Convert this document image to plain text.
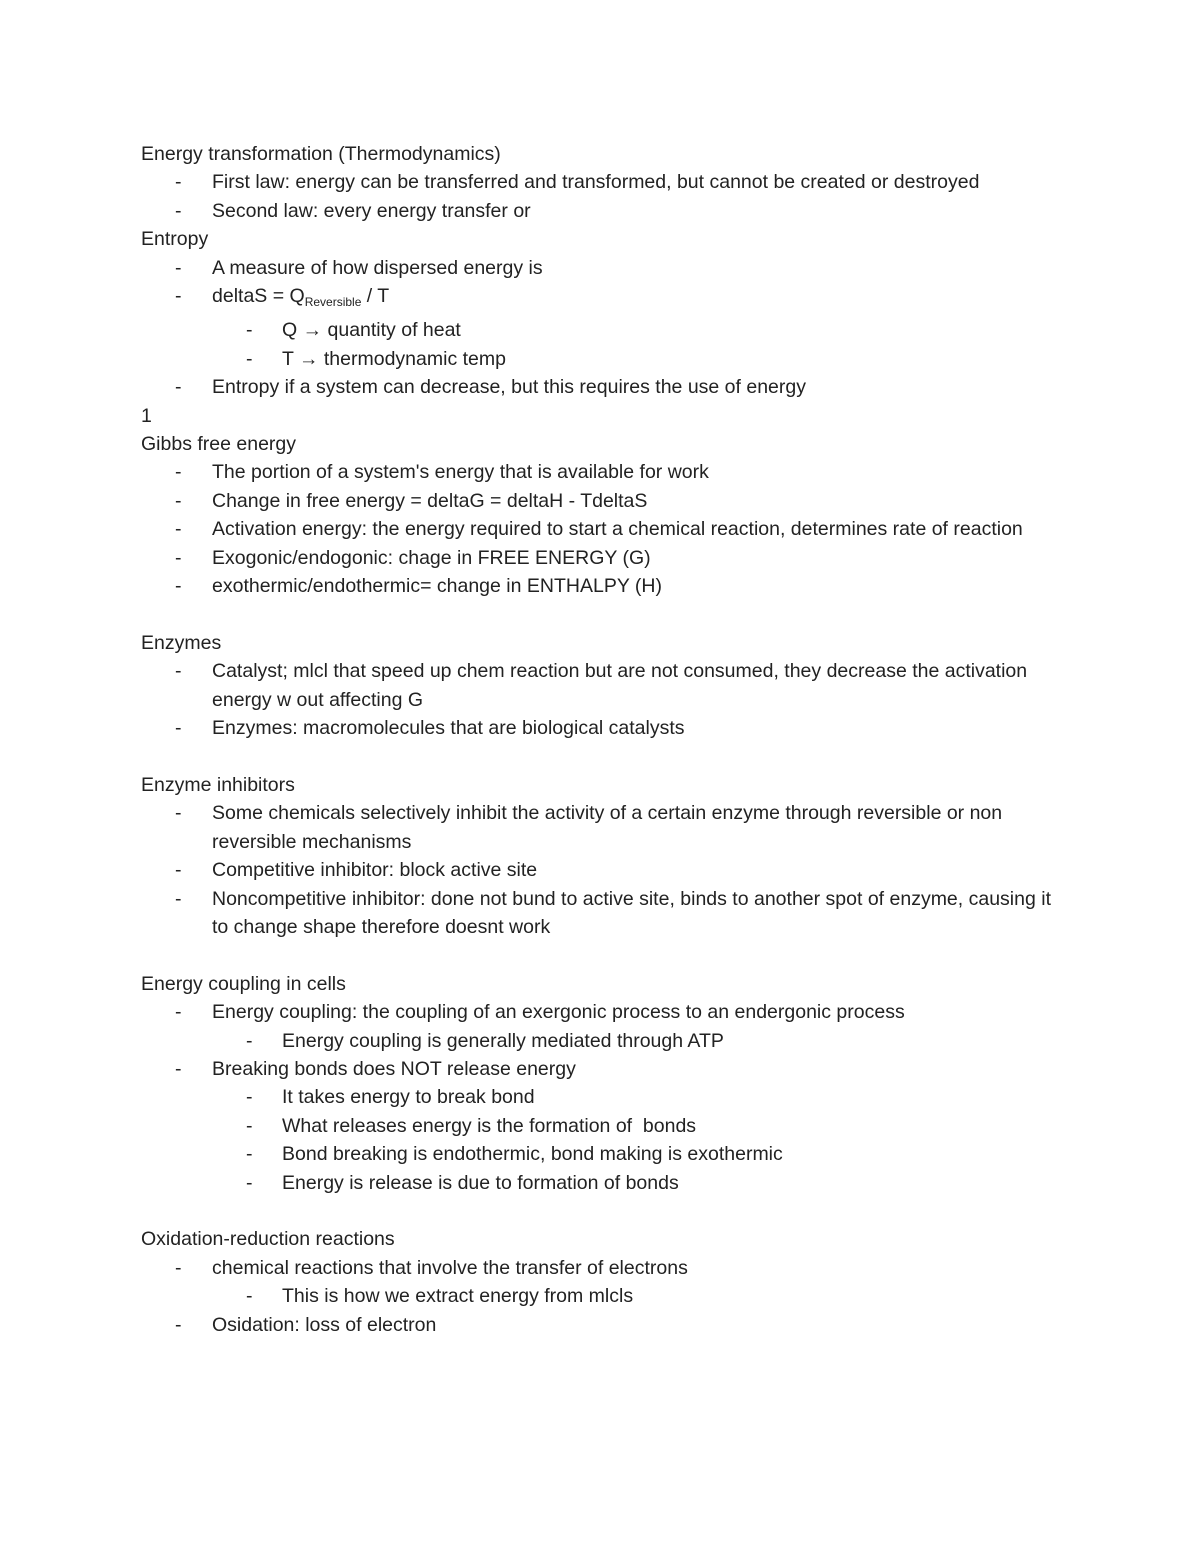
Energy transformation (Thermodynamics)
- First law: energy can be transferred and transformed, but cannot be created or destroyed
- Second law: every energy transfer or
Entropy
- A measure of how dispersed energy is
- deltaS = $Q_{Reversible}$ / T
- Q → quantity of heat
- T → thermodynamic temp
- Entropy if a system can decrease, but this requires the use of energy
1
Gibbs free energy
- The portion of a system's energy that is available for work
- Change in free energy = deltaG = deltaH - TdeltaS
- Activation energy: the energy required to start a chemical reaction, determines rate of reaction
- Exogonic/endogonic: chage in FREE ENERGY (G)
- exothermic/endothermic= change in ENTHALPY (H)
Enzymes
- Catalyst; mlcl that speed up chem reaction but are not consumed, they decrease the activation energy w out affecting G
- Enzymes: macromolecules that are biological catalysts
Enzyme inhibitors
- Some chemicals selectively inhibit the activity of a certain enzyme through reversible or non reversible mechanisms
- Competitive inhibitor: block active site
- Noncompetitive inhibitor: done not bund to active site, binds to another spot of enzyme, causing it to change shape therefore doesnt work
Energy coupling in cells
- Energy coupling: the coupling of an exergonic process to an endergonic process
- Energy coupling is generally mediated through ATP
- Breaking bonds does NOT release energy
- It takes energy to break bond
- What releases energy is the formation of  bonds
- Bond breaking is endothermic, bond making is exothermic
- Energy is release is due to formation of bonds
Oxidation-reduction reactions
- chemical reactions that involve the transfer of electrons
- This is how we extract energy from mlcls
- Osidation: loss of electron
